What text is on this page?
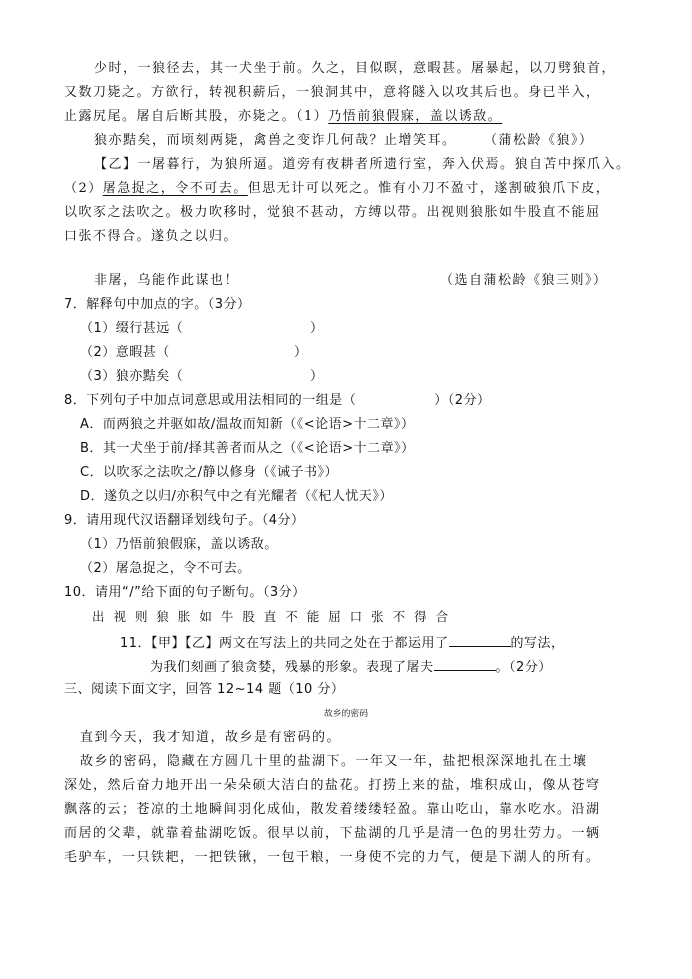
少时，一狼径去，其一犬坐于前。久之，目似瞑，意暇甚。屠暴起，以刀劈狼首，
又数刀毙之。方欲行，转视积薪后，一狼洞其中，意将隧入以攻其后也。身已半入，
止露尻尾。屠自后断其股，亦毙之。（1）乃悟前狼假寐，盖以诱敌。
狼亦黠矣，而顷刻两毙，禽兽之变诈几何哉？止增笑耳。 （蒲松龄《狼》）
【乙】一屠暮行，为狼所逼。道旁有夜耕者所遗行室，奔入伏焉。狼自苫中探爪入。
（2）屠急捉之，令不可去。但思无计可以死之。惟有小刀不盈寸，遂割破狼爪下皮，
以吹豕之法吹之。极力吹移时，觉狼不甚动，方缚以带。出视则狼胀如牛股直不能屈
口张不得合。遂负之以归。
非屠，乌能作此谋也！	（选自蒲松龄《狼三则》）
7．解释句中加点的字。（3分）
（1）缀行甚远（	）
（2）意暇甚（	）
（3）狼亦黠矣（	）
8．下列句子中加点词意思或用法相同的一组是（	）（2分）
A．而两狼之并驱如故/温故而知新（《<论语>十二章》）
B．其一犬坐于前/择其善者而从之（《<论语>十二章》）
C．以吹豕之法吹之/静以修身（《诫子书》）
D．遂负之以归/亦积气中之有光耀者（《杞人忧天》）
9．请用现代汉语翻译划线句子。（4分）
（1）乃悟前狼假寐，盖以诱敌。
（2）屠急捉之，令不可去。
10．请用“/”给下面的句子断句。（3分）
出 视 则 狼 胀 如 牛 股 直 不 能 屈 口 张 不 得 合
11．【甲】【乙】两文在写法上的共同之处在于都运用了	的写法，
为我们刻画了狼贪婪，残暴的形象。表现了屠夫	。（2分）
三、阅读下面文字，回答 12~14 题（10 分）
故乡的密码
直到今天，我才知道，故乡是有密码的。
故乡的密码，隐藏在方圆几十里的盐湖下。一年又一年，盐把根深深地扎在土壤
深处，然后奋力地开出一朵朵硕大洁白的盐花。打捞上来的盐，堆积成山，像从苍穹
飘落的云；苍凉的土地瞬间羽化成仙，散发着缕缕轻盈。靠山吃山，靠水吃水。沿湖
而居的父辈，就靠着盐湖吃饭。很早以前，下盐湖的几乎是清一色的男壮劳力。一辆
毛驴车，一只铁耙，一把铁锹，一包干粮，一身使不完的力气，便是下湖人的所有。
